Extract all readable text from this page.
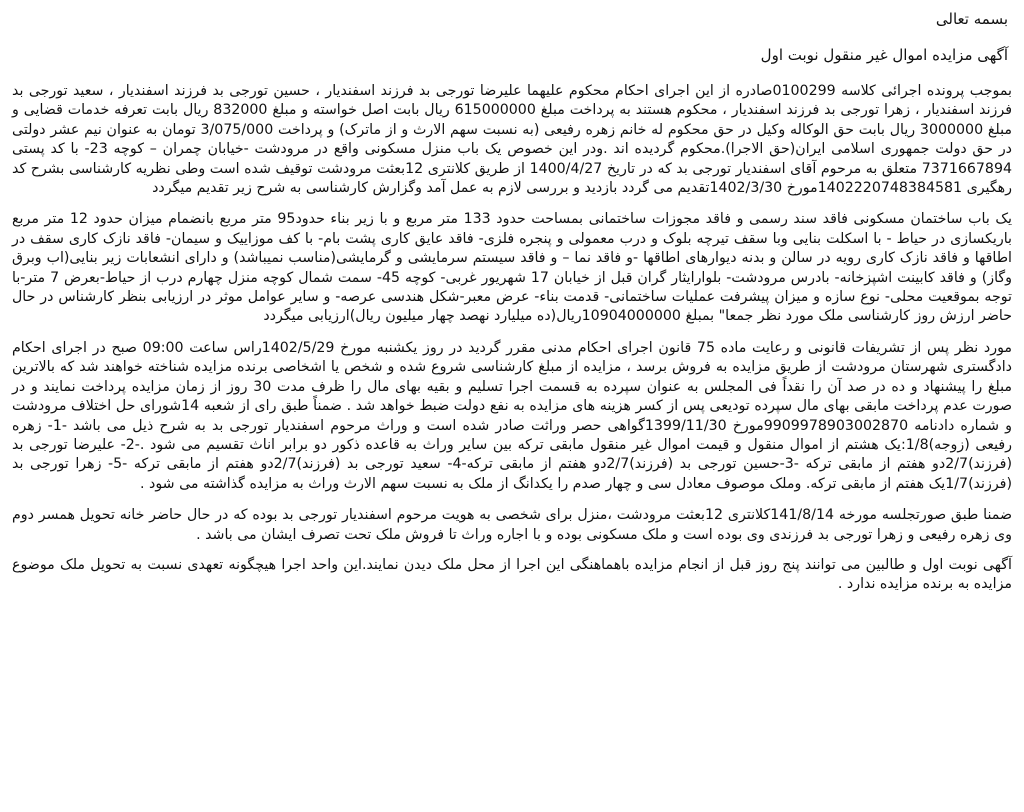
بسمه تعالی
آگهی مزایده اموال غیر منقول نوبت اول

بموجب پرونده اجرائی کلاسه 0100299صادره از این اجرای احکام محکوم علیهما علیرضا تورجی بد فرزند اسفندیار ، حسین تورجی بد فرزند اسفندیار ، سعید تورجی بد فرزند اسفندیار ، زهرا تورجی بد فرزند اسفندیار ، محکوم هستند به پرداخت مبلغ 615000000 ریال بابت اصل خواسته و مبلغ 832000 ریال بابت تعرفه خدمات قضایی و مبلغ 3000000 ریال بابت حق الوکاله وکیل در حق محکوم له خانم زهره رفیعی (به نسبت سهم الارث و از ماترک) و پرداخت 3/075/000 تومان به عنوان نیم عشر دولتی در حق دولت جمهوری اسلامی ایران(حق الاجرا).محکوم گردیده اند .ودر این خصوص یک باب منزل مسکونی واقع در مرودشت -خیابان چمران – کوچه 23- با کد پستی 7371667894 متعلق به مرحوم آقای اسفندیار تورجی بد که در تاریخ 1400/4/27 از طریق کلانتری 12بعثت مرودشت توقیف شده است وطی نظریه کارشناسی بشرح کد رهگیری 1402220748384581مورخ 1402/3/30تقدیم می گردد بازدید و بررسی لازم به عمل آمد وگزارش کارشناسی به شرح زیر تقدیم میگردد

یک باب ساختمان مسکونی فاقد سند رسمی و فاقد مجوزات ساختمانی بمساحت حدود 133 متر مربع و با زیر بناء حدود95 متر مربع بانضمام میزان حدود 12 متر مربع باریکسازی در حیاط - با اسکلت بنایی وبا سقف تیرچه بلوک و درب معمولی و پنجره فلزی- فاقد عایق کاری پشت بام- با کف موزاییک و سیمان- فاقد نازک کاری سقف در اطاقها و فاقد نازک کاری رویه در سالن و بدنه دیوارهای اطاقها -و فاقد نما – و فاقد سیستم سرمایشی و گرمایشی(مناسب نمیباشد) و دارای انشعابات زیر بنایی(اب وبرق وگاز) و فاقد کابینت اشپزخانه- بادرس مرودشت- بلوارایثار گران قبل از خیابان 17 شهریور غربی- کوچه 45- سمت شمال کوچه منزل چهارم درب از حیاط-بعرض 7 متر-با توجه بموقعیت محلی- نوع سازه و میزان پیشرفت عملیات ساختمانی- قدمت بناء- عرض معبر-شکل هندسی عرصه- و سایر عوامل موثر در ارزیابی بنظر کارشناس در حال حاضر ارزش روز کارشناسی ملک مورد نظر جمعا" بمبلغ 10904000000ریال(ده میلیارد نهصد چهار میلیون ریال)ارزیابی میگردد

مورد نظر پس از تشریفات قانونی و رعایت ماده 75 قانون اجرای احکام مدنی مقرر گردید در روز یکشنبه مورخ 1402/5/29راس ساعت 09:00 صبح در اجرای احکام دادگستری شهرستان مرودشت از طریق مزایده به فروش برسد ، مزایده از مبلغ کارشناسی شروع شده و شخص یا اشخاصی برنده مزایده شناخته خواهند شد که بالاترین مبلغ را پیشنهاد و ده در صد آن را نقداً فی المجلس به عنوان سپرده به قسمت اجرا تسلیم و بقیه بهای مال را ظرف مدت 30 روز از زمان مزایده پرداخت نمایند و در صورت عدم پرداخت مابقی بهای مال سپرده تودیعی پس از کسر هزینه های مزایده به نفع دولت ضبط خواهد شد . ضمناً طبق رای از شعبه 14شورای حل اختلاف مرودشت و شماره دادنامه 9909978903002870مورخ 1399/11/30گواهی حصر وراثت صادر شده است و وراث مرحوم اسفندیار تورجی بد به شرح ذیل می باشد -1- زهره رفیعی (زوجه)1/8:یک هشتم از اموال منقول و قیمت اموال غیر منقول مابقی ترکه بین سایر وراث به قاعده ذکور دو برابر اناث تقسیم می شود .-2- علیرضا تورجی بد (فرزند)2/7دو هفتم از مابقی ترکه -3-حسین تورجی بد (فرزند)2/7دو هفتم از مابقی ترکه-4- سعید تورجی بد (فرزند)2/7دو هفتم از مابقی ترکه -5- زهرا تورجی بد (فرزند)1/7یک هفتم از مابقی ترکه. وملک موصوف معادل سی و چهار صدم را یکدانگ از ملک به نسبت سهم الارث وراث به مزایده گذاشته می شود .

ضمنا طبق صورتجلسه مورخه 141/8/14کلانتری 12بعثت مرودشت ،منزل برای شخصی به هویت مرحوم اسفندیار تورجی بد بوده که در حال حاضر خانه تحویل همسر دوم وی زهره رفیعی و زهرا تورجی بد فرزندی وی بوده است و ملک مسکونی بوده و با اجاره وراث تا فروش ملک تحت تصرف ایشان می باشد .

آگهی نوبت اول و طالبین می توانند پنج روز قبل از انجام مزایده باهماهنگی این اجرا از محل ملک دیدن نمایند.این واحد اجرا هیچگونه تعهدی نسبت به تحویل ملک موضوع مزایده به برنده مزایده ندارد .
